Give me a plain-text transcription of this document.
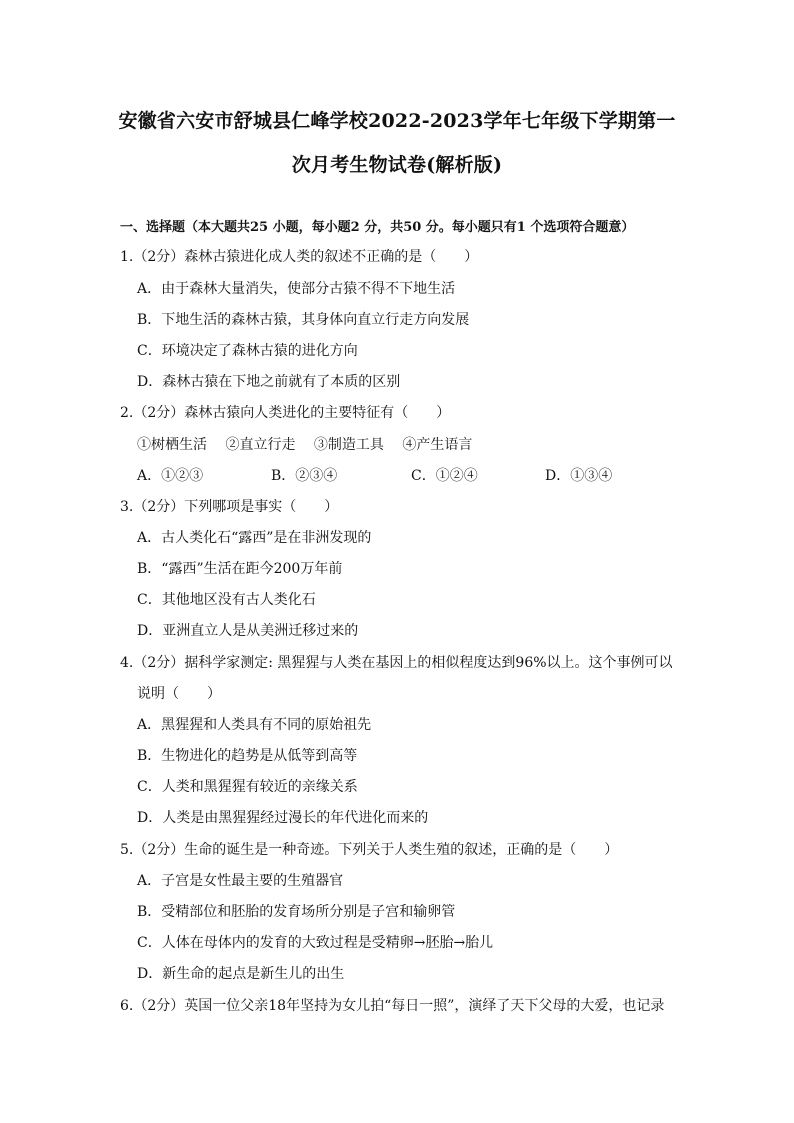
安徽省六安市舒城县仁峰学校2022-2023学年七年级下学期第一
次月考生物试卷(解析版)
一、选择题（本大题共25 小题，每小题2 分，共50 分。每小题只有1 个选项符合题意）
1.（2分）森林古猿进化成人类的叙述不正确的是（　　）
A．由于森林大量消失，使部分古猿不得不下地生活
B．下地生活的森林古猿，其身体向直立行走方向发展
C．环境决定了森林古猿的进化方向
D．森林古猿在下地之前就有了本质的区别
2.（2分）森林古猿向人类进化的主要特征有（　　）
①树栖生活　 ②直立行走　 ③制造工具　 ④产生语言
A．①②③	B．②③④	C．①②④	D．①③④
3.（2分）下列哪项是事实（　　）
A．古人类化石“露西”是在非洲发现的
B．“露西”生活在距今200万年前
C．其他地区没有古人类化石
D．亚洲直立人是从美洲迁移过来的
4.（2分）据科学家测定: 黑猩猩与人类在基因上的相似程度达到96%以上。这个事例可以
说明（　　）
A．黑猩猩和人类具有不同的原始祖先
B．生物进化的趋势是从低等到高等
C．人类和黑猩猩有较近的亲缘关系
D．人类是由黑猩猩经过漫长的年代进化而来的
5.（2分）生命的诞生是一种奇迹。下列关于人类生殖的叙述，正确的是（　　）
A．子宫是女性最主要的生殖器官
B．受精部位和胚胎的发育场所分别是子宫和输卵管
C．人体在母体内的发育的大致过程是受精卵→胚胎→胎儿
D．新生命的起点是新生儿的出生
6.（2分）英国一位父亲18年坚持为女儿拍“每日一照”，演绎了天下父母的大爱，也记录
